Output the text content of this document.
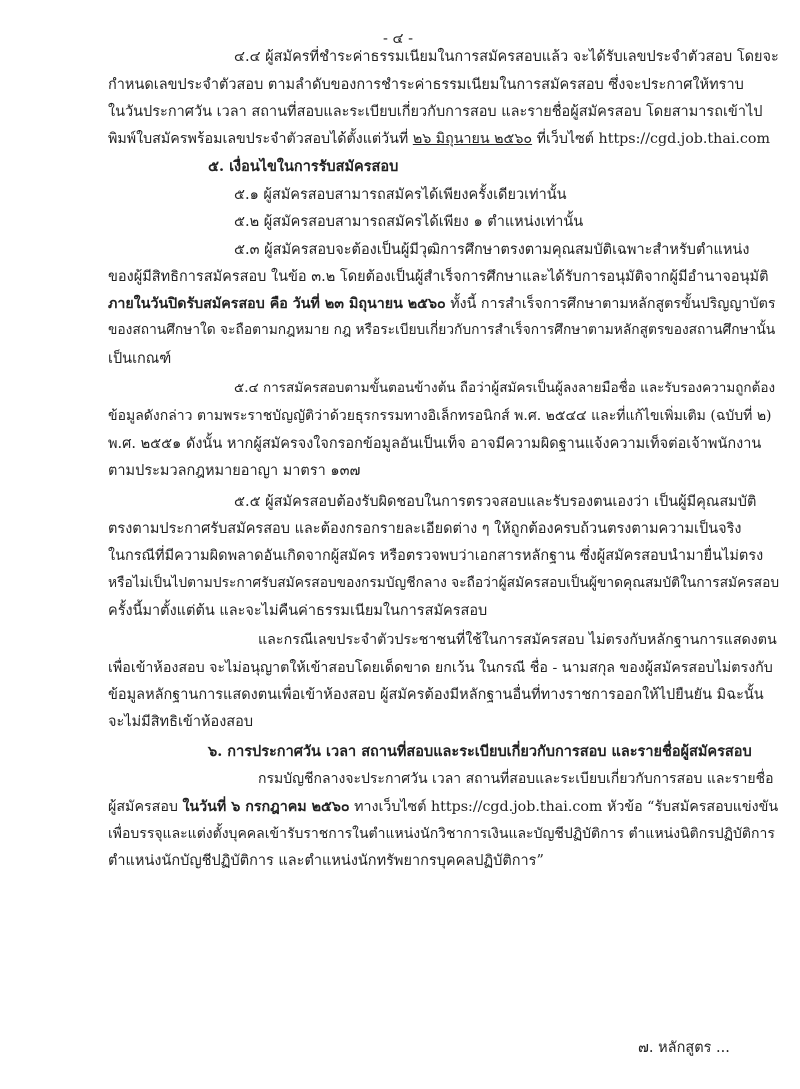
- ๔ -
๔.๔ ผู้สมัครที่ชำระค่าธรรมเนียมในการสมัครสอบแล้ว จะได้รับเลขประจำตัวสอบ โดยจะ
กำหนดเลขประจำตัวสอบ ตามลำดับของการชำระค่าธรรมเนียมในการสมัครสอบ ซึ่งจะประกาศให้ทราบ
ในวันประกาศวัน เวลา สถานที่สอบและระเบียบเกี่ยวกับการสอบ และรายชื่อผู้สมัครสอบ โดยสามารถเข้าไป
พิมพ์ใบสมัครพร้อมเลขประจำตัวสอบได้ตั้งแต่วันที่ ๒๖ มิถุนายน ๒๕๖๐ ที่เว็บไซต์ https://cgd.job.thai.com
๕. เงื่อนไขในการรับสมัครสอบ
๕.๑ ผู้สมัครสอบสามารถสมัครได้เพียงครั้งเดียวเท่านั้น
๕.๒ ผู้สมัครสอบสามารถสมัครได้เพียง ๑ ตำแหน่งเท่านั้น
๕.๓ ผู้สมัครสอบจะต้องเป็นผู้มีวุฒิการศึกษาตรงตามคุณสมบัติเฉพาะสำหรับตำแหน่ง
ของผู้มีสิทธิการสมัครสอบ ในข้อ ๓.๒ โดยต้องเป็นผู้สำเร็จการศึกษาและได้รับการอนุมัติจากผู้มีอำนาจอนุมัติ
ภายในวันปิดรับสมัครสอบ คือ วันที่ ๒๓ มิถุนายน ๒๕๖๐ ทั้งนี้ การสำเร็จการศึกษาตามหลักสูตรขั้นปริญญาบัตร
ของสถานศึกษาใด จะถือตามกฎหมาย กฎ หรือระเบียบเกี่ยวกับการสำเร็จการศึกษาตามหลักสูตรของสถานศึกษานั้น
เป็นเกณฑ์
๕.๔ การสมัครสอบตามขั้นตอนข้างต้น ถือว่าผู้สมัครเป็นผู้ลงลายมือชื่อ และรับรองความถูกต้อง
ข้อมูลดังกล่าว ตามพระราชบัญญัติว่าด้วยธุรกรรมทางอิเล็กทรอนิกส์ พ.ศ. ๒๕๔๔ และที่แก้ไขเพิ่มเติม (ฉบับที่ ๒)
พ.ศ. ๒๕๕๑ ดังนั้น หากผู้สมัครจงใจกรอกข้อมูลอันเป็นเท็จ อาจมีความผิดฐานแจ้งความเท็จต่อเจ้าพนักงาน
ตามประมวลกฎหมายอาญา มาตรา ๑๓๗
๕.๕ ผู้สมัครสอบต้องรับผิดชอบในการตรวจสอบและรับรองตนเองว่า เป็นผู้มีคุณสมบัติ
ตรงตามประกาศรับสมัครสอบ และต้องกรอกรายละเอียดต่าง ๆ ให้ถูกต้องครบถ้วนตรงตามความเป็นจริง
ในกรณีที่มีความผิดพลาดอันเกิดจากผู้สมัคร หรือตรวจพบว่าเอกสารหลักฐาน ซึ่งผู้สมัครสอบนำมายื่นไม่ตรง
หรือไม่เป็นไปตามประกาศรับสมัครสอบของกรมบัญชีกลาง จะถือว่าผู้สมัครสอบเป็นผู้ขาดคุณสมบัติในการสมัครสอบ
ครั้งนี้มาตั้งแต่ต้น และจะไม่คืนค่าธรรมเนียมในการสมัครสอบ
และกรณีเลขประจำตัวประชาชนที่ใช้ในการสมัครสอบ ไม่ตรงกับหลักฐานการแสดงตน
เพื่อเข้าห้องสอบ จะไม่อนุญาตให้เข้าสอบโดยเด็ดขาด ยกเว้น ในกรณี ชื่อ - นามสกุล ของผู้สมัครสอบไม่ตรงกับ
ข้อมูลหลักฐานการแสดงตนเพื่อเข้าห้องสอบ ผู้สมัครต้องมีหลักฐานอื่นที่ทางราชการออกให้ไปยืนยัน มิฉะนั้น
จะไม่มีสิทธิเข้าห้องสอบ
๖. การประกาศวัน เวลา สถานที่สอบและระเบียบเกี่ยวกับการสอบ และรายชื่อผู้สมัครสอบ
กรมบัญชีกลางจะประกาศวัน เวลา สถานที่สอบและระเบียบเกี่ยวกับการสอบ และรายชื่อ
ผู้สมัครสอบ ในวันที่ ๖ กรกฎาคม ๒๕๖๐ ทางเว็บไซต์ https://cgd.job.thai.com หัวข้อ “รับสมัครสอบแข่งขัน
เพื่อบรรจุและแต่งตั้งบุคคลเข้ารับราชการในตำแหน่งนักวิชาการเงินและบัญชีปฏิบัติการ ตำแหน่งนิติกรปฏิบัติการ
ตำแหน่งนักบัญชีปฏิบัติการ และตำแหน่งนักทรัพยากรบุคคลปฏิบัติการ”
๗. หลักสูตร ...
